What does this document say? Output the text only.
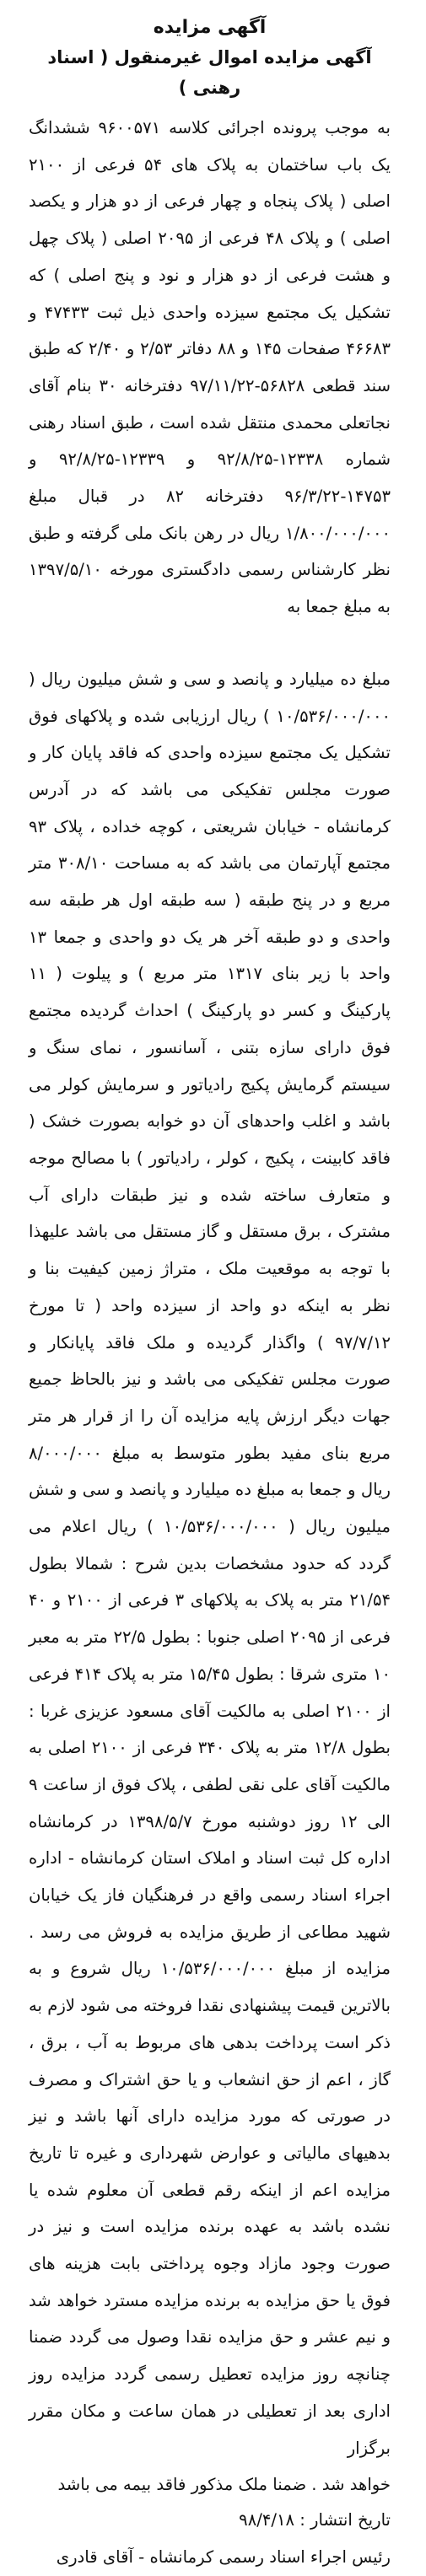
آگهی مزایده
آگهی مزایده اموال غیرمنقول ( اسناد رهنی )

به موجب پرونده اجرائی کلاسه ۹۶۰۰۵۷۱ ششدانگ یک باب ساختمان به پلاک های ۵۴ فرعی از ۲۱۰۰ اصلی ( پلاک پنجاه و چهار فرعی از دو هزار و یکصد اصلی ) و پلاک ۴۸ فرعی از ۲۰۹۵ اصلی ( پلاک چهل و هشت فرعی از دو هزار و نود و پنج اصلی ) که تشکیل یک مجتمع سیزده واحدی ذیل ثبت ۴۷۴۳۳ و ۴۶۶۸۳ صفحات ۱۴۵ و ۸۸ دفاتر ۲/۵۳ و ۲/۴۰ که طبق سند قطعی ۵۶۸۲۸-۹۷/۱۱/۲۲ دفترخانه ۳۰ بنام آقای نجاتعلی محمدی منتقل شده است ، طبق اسناد رهنی شماره ۱۲۳۳۸-۹۲/۸/۲۵ و ۱۲۳۳۹-۹۲/۸/۲۵ و ۱۴۷۵۳-۹۶/۳/۲۲ دفترخانه ۸۲ در قبال مبلغ ۱/۸۰۰/۰۰۰/۰۰۰ ریال در رهن بانک ملی گرفته و طبق نظر کارشناس رسمی دادگستری مورخه ۱۳۹۷/۵/۱۰ به مبلغ جمعا به

مبلغ ده میلیارد و پانصد و سی و شش میلیون ریال ( ۱۰/۵۳۶/۰۰۰/۰۰۰ ) ریال ارزیابی شده و پلاکهای فوق تشکیل یک مجتمع سیزده واحدی که فاقد پایان کار و صورت مجلس تفکیکی می باشد که در آدرس کرمانشاه - خیابان شریعتی ، کوچه خداده ، پلاک ۹۳ مجتمع آپارتمان می باشد که به مساحت ۳۰۸/۱۰ متر مربع و در پنج طبقه ( سه طبقه اول هر طبقه سه واحدی و دو طبقه آخر هر یک دو واحدی و جمعا ۱۳ واحد با زیر بنای ۱۳۱۷ متر مربع ) و پیلوت ( ۱۱ پارکینگ و کسر دو پارکینگ ) احداث گردیده مجتمع فوق دارای سازه بتنی ، آسانسور ، نمای سنگ و سیستم گرمایش پکیج رادیاتور و سرمایش کولر می باشد و اغلب واحدهای آن دو خوابه بصورت خشک ( فاقد کابینت ، پکیج ، کولر ، رادیاتور ) با مصالح موجه و متعارف ساخته شده و نیز طبقات دارای آب مشترک ، برق مستقل و گاز مستقل می باشد علیهذا با توجه به موقعیت ملک ، متراژ زمین کیفیت بنا و نظر به اینکه دو واحد از سیزده واحد ( تا مورخ ۹۷/۷/۱۲ ) واگذار گردیده و ملک فاقد پایانکار و صورت مجلس تفکیکی می باشد و نیز بالحاظ جمیع جهات دیگر ارزش پایه مزایده آن را از قرار هر متر مربع بنای مفید بطور متوسط به مبلغ ۸/۰۰۰/۰۰۰ ریال و جمعا به مبلغ ده میلیارد و پانصد و سی و شش میلیون ریال ( ۱۰/۵۳۶/۰۰۰/۰۰۰ ) ریال اعلام می گردد که حدود مشخصات بدین شرح : شمالا بطول ۲۱/۵۴ متر به پلاک به پلاکهای ۳ فرعی از ۲۱۰۰ و ۴۰ فرعی از ۲۰۹۵ اصلی جنوبا : بطول ۲۲/۵ متر به معبر ۱۰ متری شرقا : بطول ۱۵/۴۵ متر به پلاک ۴۱۴ فرعی از ۲۱۰۰ اصلی به مالکیت آقای مسعود عزیزی غربا : بطول ۱۲/۸ متر به پلاک ۳۴۰ فرعی از ۲۱۰۰ اصلی به مالکیت آقای علی نقی لطفی ، پلاک فوق از ساعت ۹ الی ۱۲ روز دوشنبه مورخ ۱۳۹۸/۵/۷ در کرمانشاه اداره کل ثبت اسناد و املاک استان کرمانشاه - اداره اجراء اسناد رسمی واقع در فرهنگیان فاز یک خیابان شهید مطاعی از طریق مزایده به فروش می رسد . مزایده از مبلغ ۱۰/۵۳۶/۰۰۰/۰۰۰ ریال شروع و به بالاترین قیمت پیشنهادی نقدا فروخته می شود لازم به ذکر است پرداخت بدهی های مربوط به آب ، برق ، گاز ، اعم از حق انشعاب و یا حق اشتراک و مصرف در صورتی که مورد مزایده دارای آنها باشد و نیز بدهیهای مالیاتی و عوارض شهرداری و غیره تا تاریخ مزایده اعم از اینکه رقم قطعی آن معلوم شده یا نشده باشد به عهده برنده مزایده است و نیز در صورت وجود مازاد وجوه پرداختی بابت هزینه های فوق یا حق مزایده به برنده مزایده مسترد خواهد شد و نیم عشر و حق مزایده نقدا وصول می گردد ضمنا چنانچه روز مزایده تعطیل رسمی گردد مزایده روز اداری بعد از تعطیلی در همان ساعت و مکان مقرر برگزار

خواهد شد . ضمنا ملک مذکور فاقد بیمه می باشد

تاریخ انتشار : ۹۸/۴/۱۸

رئیس اجراء اسناد رسمی کرمانشاه - آقای قادری
